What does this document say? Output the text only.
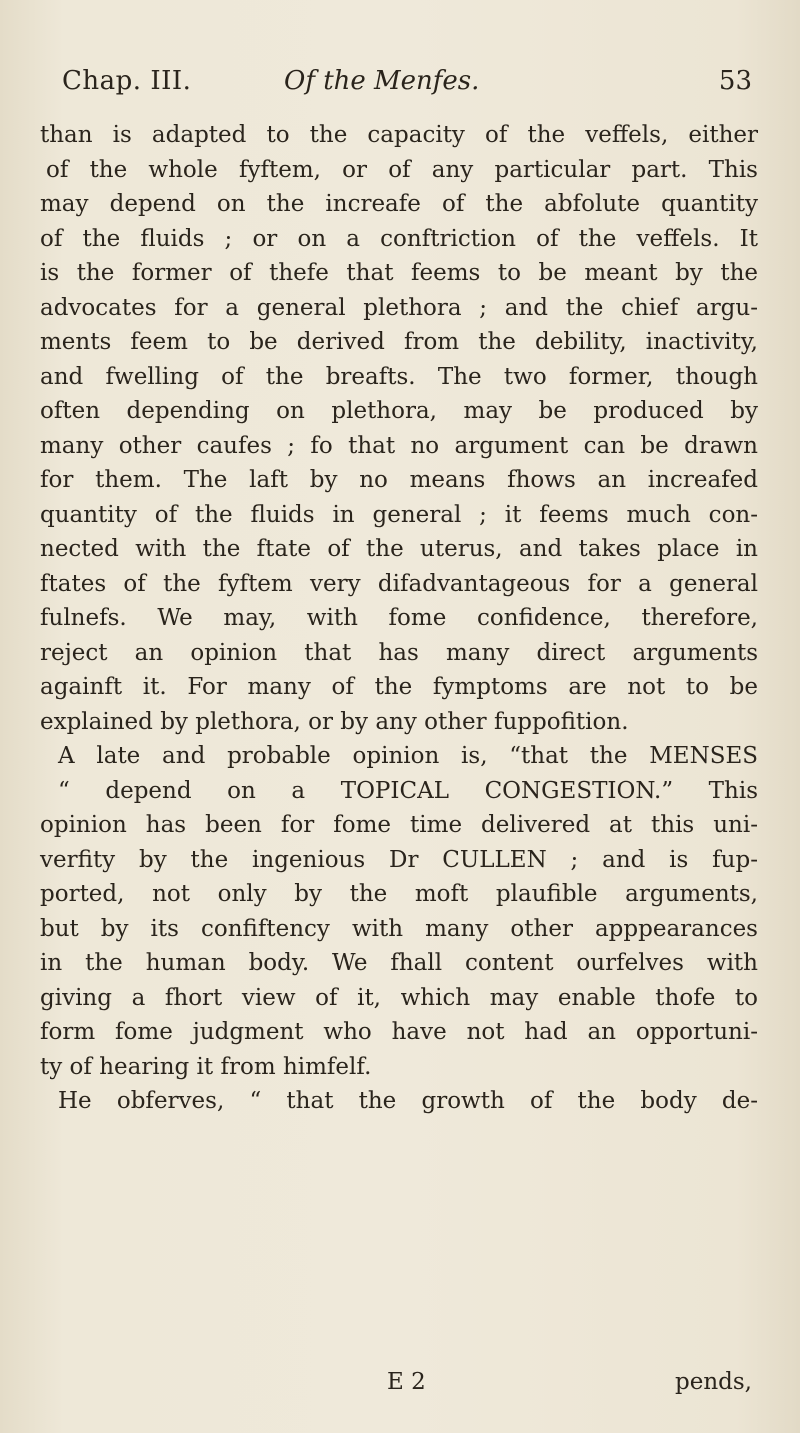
Chap. III.	Of the Menfes.	53
than is adapted to the capacity of the veffels, either
of the whole fyftem, or of any particular part. This
may depend on the increafe of the abfolute quantity
of the fluids ; or on a conftriction of the veffels. It
is the former of thefe that feems to be meant by the
advocates for a general plethora ; and the chief argu-
ments feem to be derived from the debility, inactivity,
and fwelling of the breafts. The two former, though
often depending on plethora, may be produced by
many other caufes ; fo that no argument can be drawn
for them. The laft by no means fhows an increafed
quantity of the fluids in general ; it feems much con-
nected with the ftate of the uterus, and takes place in
ftates of the fyftem very difadvantageous for a general
fulnefs. We may, with fome confidence, therefore,
reject an opinion that has many direct arguments
againft it. For many of the fymptoms are not to be
explained by plethora, or by any other fuppofition.
A late and probable opinion is, “that the MENSES
“ depend on a TOPICAL CONGESTION.” This
opinion has been for fome time delivered at this uni-
verfity by the ingenious Dr CULLEN ; and is fup-
ported, not only by the moft plaufible arguments,
but by its confiftency with many other apppearances
in the human body. We fhall content ourfelves with
giving a fhort view of it, which may enable thofe to
form fome judgment who have not had an opportuni-
ty of hearing it from himfelf.
He obferves, “ that the growth of the body de-
E 2	pends,
